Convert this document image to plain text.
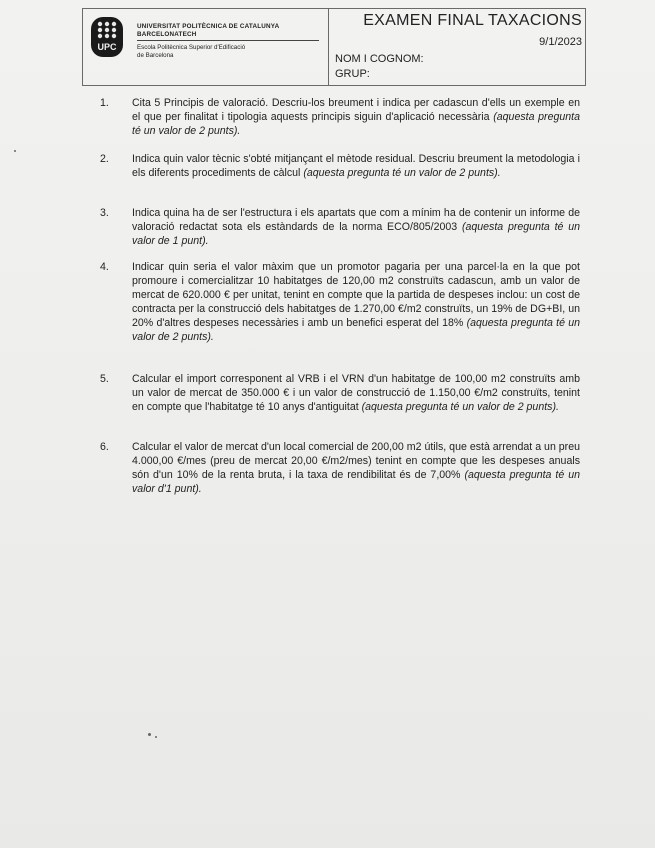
UPC
UNIVERSITAT POLITÈCNICA DE CATALUNYA
BARCELONATECH
Escola Politècnica Superior d'Edificació
de Barcelona
EXAMEN FINAL TAXACIONS
9/1/2023
NOM I COGNOM:
GRUP:
1. Cita 5 Principis de valoració. Descriu-los breument i indica per cadascun d'ells un exemple en el que per finalitat i tipologia aquests principis siguin d'aplicació necessària (aquesta pregunta té un valor de 2 punts).
2. Indica quin valor tècnic s'obté mitjançant el mètode residual. Descriu breument la metodologia i els diferents procediments de càlcul (aquesta pregunta té un valor de 2 punts).
3. Indica quina ha de ser l'estructura i els apartats que com a mínim ha de contenir un informe de valoració redactat sota els estàndards de la norma ECO/805/2003 (aquesta pregunta té un valor de 1 punt).
4. Indicar quin seria el valor màxim que un promotor pagaria per una parcel·la en la que pot promoure i comercialitzar 10 habitatges de 120,00 m2 construïts cadascun, amb un valor de mercat de 620.000 € per unitat, tenint en compte que la partida de despeses inclou: un cost de contracta per la construcció dels habitatges de 1.270,00 €/m2 construïts, un 19% de DG+BI, un 20% d'altres despeses necessàries i amb un benefici esperat del 18% (aquesta pregunta té un valor de 2 punts).
5. Calcular el import corresponent al VRB i el VRN d'un habitatge de 100,00 m2 construïts amb un valor de mercat de 350.000 € i un valor de construcció de 1.150,00 €/m2 construïts, tenint en compte que l'habitatge té 10 anys d'antiguitat (aquesta pregunta té un valor de 2 punts).
6. Calcular el valor de mercat d'un local comercial de 200,00 m2 útils, que està arrendat a un preu 4.000,00 €/mes (preu de mercat 20,00 €/m2/mes) tenint en compte que les despeses anuals són d'un 10% de la renta bruta, i la taxa de rendibilitat és de 7,00% (aquesta pregunta té un valor d'1 punt).
